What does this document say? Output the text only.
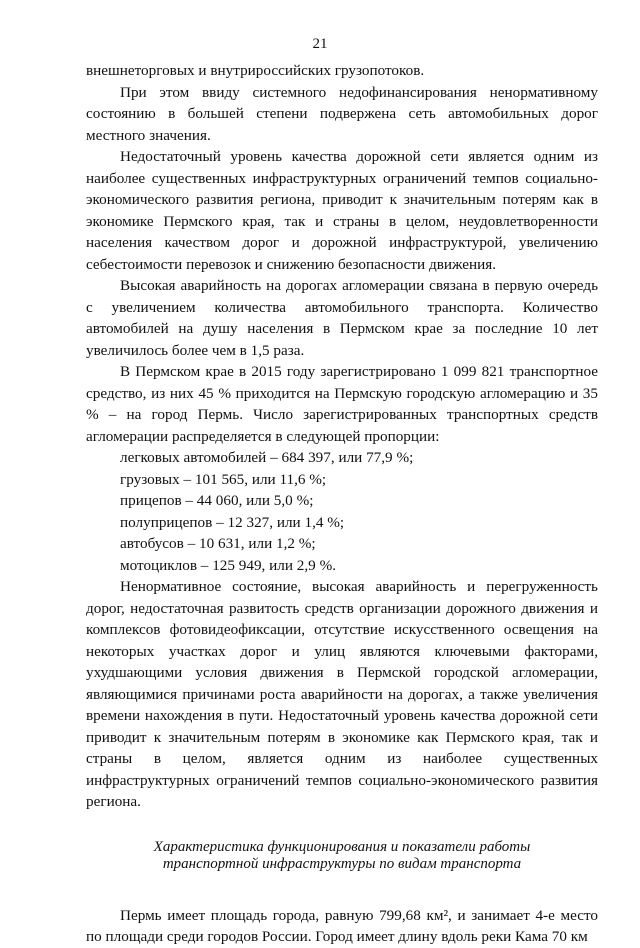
21

внешнеторговых и внутрироссийских грузопотоков.

При этом ввиду системного недофинансирования ненормативному состоянию в большей степени подвержена сеть автомобильных дорог местного значения.

Недостаточный уровень качества дорожной сети является одним из наиболее существенных инфраструктурных ограничений темпов социально-экономического развития региона, приводит к значительным потерям как в экономике Пермского края, так и страны в целом, неудовлетворенности населения качеством дорог и дорожной инфраструктурой, увеличению себестоимости перевозок и снижению безопасности движения.

Высокая аварийность на дорогах агломерации связана в первую очередь с увеличением количества автомобильного транспорта. Количество автомобилей на душу населения в Пермском крае за последние 10 лет увеличилось более чем в 1,5 раза.

В Пермском крае в 2015 году зарегистрировано 1 099 821 транспортное средство, из них 45 % приходится на Пермскую городскую агломерацию и 35 % – на город Пермь. Число зарегистрированных транспортных средств агломерации распределяется в следующей пропорции:

легковых автомобилей – 684 397, или 77,9 %;
грузовых – 101 565, или 11,6 %;
прицепов – 44 060, или 5,0 %;
полуприцепов – 12 327, или 1,4 %;
автобусов – 10 631, или 1,2 %;
мотоциклов – 125 949, или 2,9 %.

Ненормативное состояние, высокая аварийность и перегруженность дорог, недостаточная развитость средств организации дорожного движения и комплексов фотовидеофиксации, отсутствие искусственного освещения на некоторых участках дорог и улиц являются ключевыми факторами, ухудшающими условия движения в Пермской городской агломерации, являющимися причинами роста аварийности на дорогах, а также увеличения времени нахождения в пути. Недостаточный уровень качества дорожной сети приводит к значительным потерям в экономике как Пермского края, так и страны в целом, является одним из наиболее существенных инфраструктурных ограничений темпов социально-экономического развития региона.

Характеристика функционирования и показатели работы
транспортной инфраструктуры по видам транспорта

Пермь имеет площадь города, равную 799,68 км², и занимает 4-е место по площади среди городов России. Город имеет длину вдоль реки Кама 70 км
